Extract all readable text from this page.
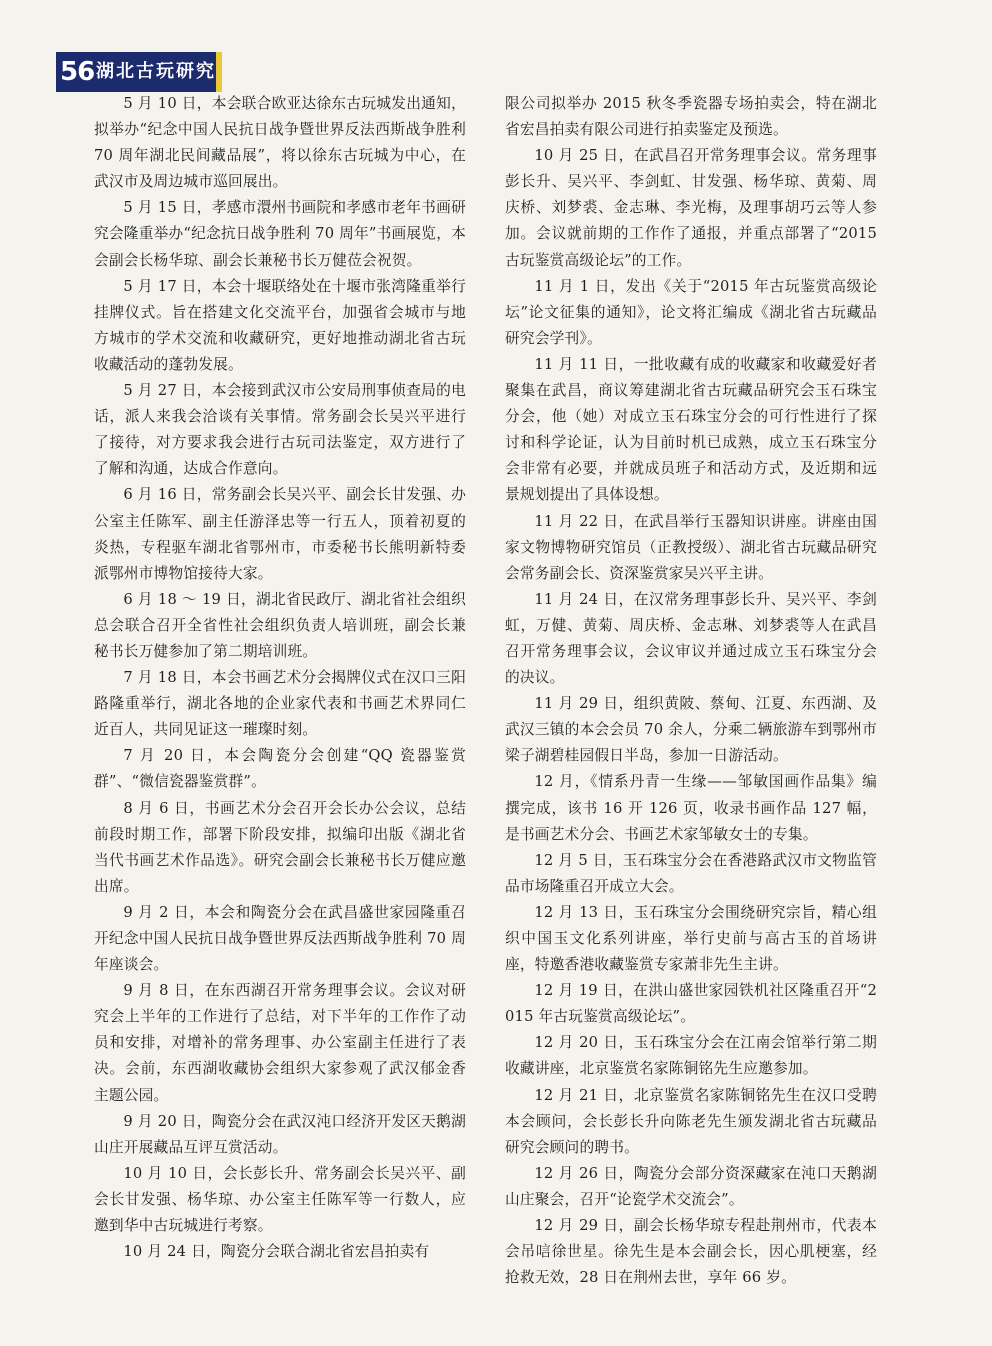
56 湖北古玩研究

5 月 10 日，本会联合欧亚达徐东古玩城发出通知，拟举办“纪念中国人民抗日战争暨世界反法西斯战争胜利 70 周年湖北民间藏品展”，将以徐东古玩城为中心，在武汉市及周边城市巡回展出。

5 月 15 日，孝感市澴州书画院和孝感市老年书画研究会隆重举办“纪念抗日战争胜利 70 周年”书画展览，本会副会长杨华琼、副会长兼秘书长万健莅会祝贺。

5 月 17 日，本会十堰联络处在十堰市张湾隆重举行挂牌仪式。旨在搭建文化交流平台，加强省会城市与地方城市的学术交流和收藏研究，更好地推动湖北省古玩收藏活动的蓬勃发展。

5 月 27 日，本会接到武汉市公安局刑事侦查局的电话，派人来我会洽谈有关事情。常务副会长吴兴平进行了接待，对方要求我会进行古玩司法鉴定，双方进行了了解和沟通，达成合作意向。

6 月 16 日，常务副会长吴兴平、副会长甘发强、办公室主任陈军、副主任游泽忠等一行五人，顶着初夏的炎热，专程驱车湖北省鄂州市，市委秘书长熊明新特委派鄂州市博物馆接待大家。

6 月 18 ～ 19 日，湖北省民政厅、湖北省社会组织总会联合召开全省性社会组织负责人培训班，副会长兼秘书长万健参加了第二期培训班。

7 月 18 日，本会书画艺术分会揭牌仪式在汉口三阳路隆重举行，湖北各地的企业家代表和书画艺术界同仁近百人，共同见证这一璀璨时刻。

7 月 20 日，本会陶瓷分会创建“QQ 瓷器鉴赏群”、“微信瓷器鉴赏群”。

8 月 6 日，书画艺术分会召开会长办公会议，总结前段时期工作，部署下阶段安排，拟编印出版《湖北省当代书画艺术作品选》。研究会副会长兼秘书长万健应邀出席。

9 月 2 日，本会和陶瓷分会在武昌盛世家园隆重召开纪念中国人民抗日战争暨世界反法西斯战争胜利 70 周年座谈会。

9 月 8 日，在东西湖召开常务理事会议。会议对研究会上半年的工作进行了总结，对下半年的工作作了动员和安排，对增补的常务理事、办公室副主任进行了表决。会前，东西湖收藏协会组织大家参观了武汉郁金香主题公园。

9 月 20 日，陶瓷分会在武汉沌口经济开发区天鹅湖山庄开展藏品互评互赏活动。

10 月 10 日，会长彭长升、常务副会长吴兴平、副会长甘发强、杨华琼、办公室主任陈军等一行数人，应邀到华中古玩城进行考察。

10 月 24 日，陶瓷分会联合湖北省宏昌拍卖有

限公司拟举办 2015 秋冬季瓷器专场拍卖会，特在湖北省宏昌拍卖有限公司进行拍卖鉴定及预选。

10 月 25 日，在武昌召开常务理事会议。常务理事彭长升、吴兴平、李剑虹、甘发强、杨华琼、黄菊、周庆桥、刘梦裘、金志琳、李光梅，及理事胡巧云等人参加。会议就前期的工作作了通报，并重点部署了“2015 古玩鉴赏高级论坛”的工作。

11 月 1 日，发出《关于“2015 年古玩鉴赏高级论坛”论文征集的通知》，论文将汇编成《湖北省古玩藏品研究会学刊》。

11 月 11 日，一批收藏有成的收藏家和收藏爱好者聚集在武昌，商议筹建湖北省古玩藏品研究会玉石珠宝分会，他（她）对成立玉石珠宝分会的可行性进行了探讨和科学论证，认为目前时机已成熟，成立玉石珠宝分会非常有必要，并就成员班子和活动方式，及近期和远景规划提出了具体设想。

11 月 22 日，在武昌举行玉器知识讲座。讲座由国家文物博物研究馆员（正教授级）、湖北省古玩藏品研究会常务副会长、资深鉴赏家吴兴平主讲。

11 月 24 日，在汉常务理事彭长升、吴兴平、李剑虹，万健、黄菊、周庆桥、金志琳、刘梦裘等人在武昌召开常务理事会议，会议审议并通过成立玉石珠宝分会的决议。

11 月 29 日，组织黄陂、蔡甸、江夏、东西湖、及武汉三镇的本会会员 70 余人，分乘二辆旅游车到鄂州市梁子湖碧桂园假日半岛，参加一日游活动。

12 月，《情系丹青一生缘——邹敏国画作品集》编撰完成，该书 16 开 126 页，收录书画作品 127 幅，是书画艺术分会、书画艺术家邹敏女士的专集。

12 月 5 日，玉石珠宝分会在香港路武汉市文物监管品市场隆重召开成立大会。

12 月 13 日，玉石珠宝分会围绕研究宗旨，精心组织中国玉文化系列讲座，举行史前与高古玉的首场讲座，特邀香港收藏鉴赏专家萧非先生主讲。

12 月 19 日，在洪山盛世家园铁机社区隆重召开“2015 年古玩鉴赏高级论坛”。

12 月 20 日，玉石珠宝分会在江南会馆举行第二期收藏讲座，北京鉴赏名家陈铜铭先生应邀参加。

12 月 21 日，北京鉴赏名家陈铜铭先生在汉口受聘本会顾问，会长彭长升向陈老先生颁发湖北省古玩藏品研究会顾问的聘书。

12 月 26 日，陶瓷分会部分资深藏家在沌口天鹅湖山庄聚会，召开“论瓷学术交流会”。

12 月 29 日，副会长杨华琼专程赴荆州市，代表本会吊唁徐世星。徐先生是本会副会长，因心肌梗塞，经抢救无效，28 日在荆州去世，享年 66 岁。
